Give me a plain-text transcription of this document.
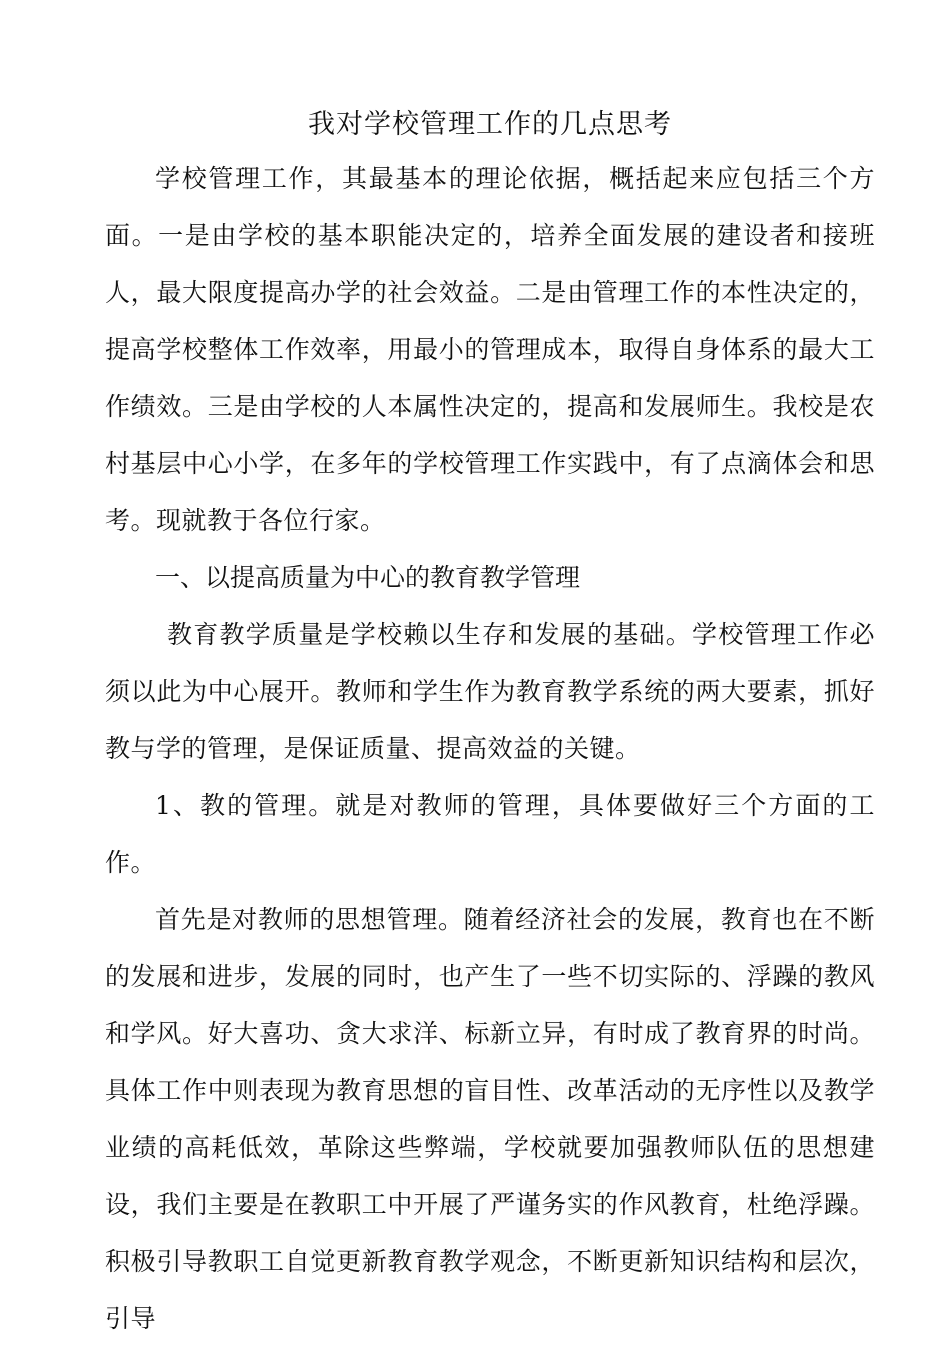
我对学校管理工作的几点思考

学校管理工作，其最基本的理论依据，概括起来应包括三个方面。一是由学校的基本职能决定的，培养全面发展的建设者和接班人，最大限度提高办学的社会效益。二是由管理工作的本性决定的，提高学校整体工作效率，用最小的管理成本，取得自身体系的最大工作绩效。三是由学校的人本属性决定的，提高和发展师生。我校是农村基层中心小学，在多年的学校管理工作实践中，有了点滴体会和思考。现就教于各位行家。

一、以提高质量为中心的教育教学管理

教育教学质量是学校赖以生存和发展的基础。学校管理工作必须以此为中心展开。教师和学生作为教育教学系统的两大要素，抓好教与学的管理，是保证质量、提高效益的关键。

1、教的管理。就是对教师的管理，具体要做好三个方面的工作。

首先是对教师的思想管理。随着经济社会的发展，教育也在不断的发展和进步，发展的同时，也产生了一些不切实际的、浮躁的教风和学风。好大喜功、贪大求洋、标新立异，有时成了教育界的时尚。具体工作中则表现为教育思想的盲目性、改革活动的无序性以及教学业绩的高耗低效，革除这些弊端，学校就要加强教师队伍的思想建设，我们主要是在教职工中开展了严谨务实的作风教育，杜绝浮躁。积极引导教职工自觉更新教育教学观念，不断更新知识结构和层次，引导
